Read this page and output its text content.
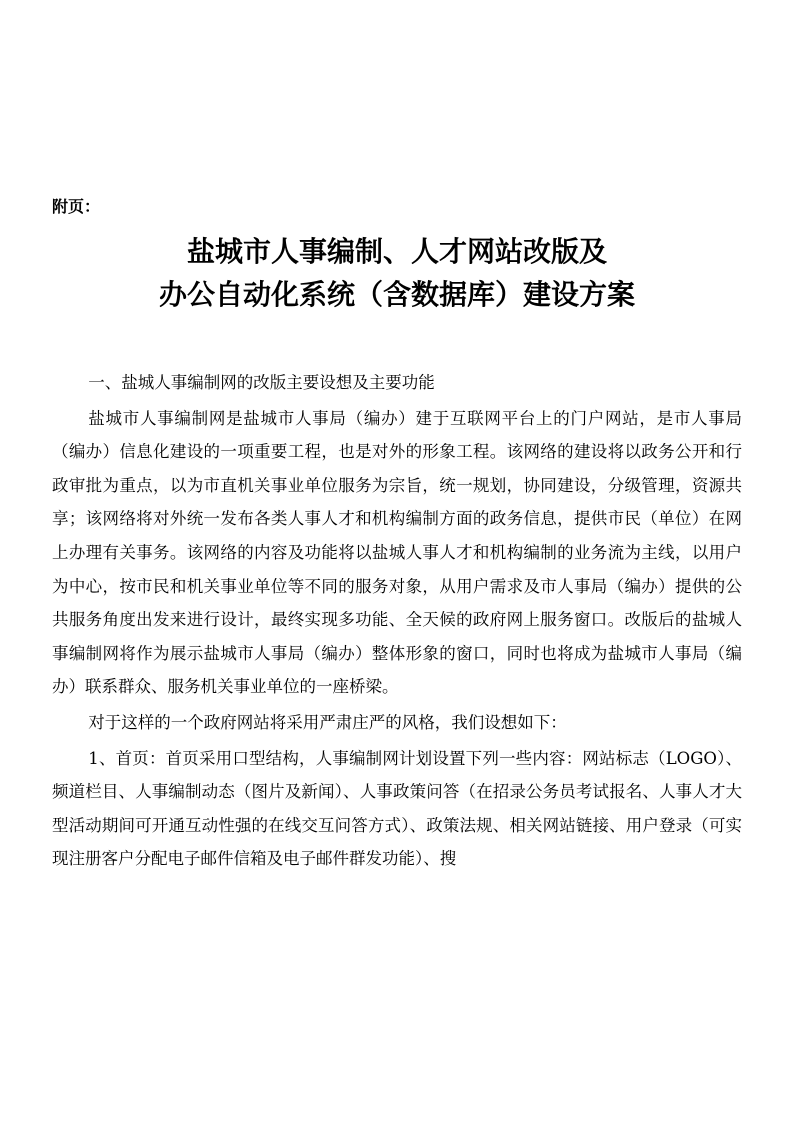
附页：
盐城市人事编制、人才网站改版及
办公自动化系统（含数据库）建设方案

一、盐城人事编制网的改版主要设想及主要功能

盐城市人事编制网是盐城市人事局（编办）建于互联网平台上的门户网站，是市人事局（编办）信息化建设的一项重要工程，也是对外的形象工程。该网络的建设将以政务公开和行政审批为重点，以为市直机关事业单位服务为宗旨，统一规划，协同建设，分级管理，资源共享；该网络将对外统一发布各类人事人才和机构编制方面的政务信息，提供市民（单位）在网上办理有关事务。该网络的内容及功能将以盐城人事人才和机构编制的业务流为主线，以用户为中心，按市民和机关事业单位等不同的服务对象，从用户需求及市人事局（编办）提供的公共服务角度出发来进行设计，最终实现多功能、全天候的政府网上服务窗口。改版后的盐城人事编制网将作为展示盐城市人事局（编办）整体形象的窗口，同时也将成为盐城市人事局（编办）联系群众、服务机关事业单位的一座桥梁。

对于这样的一个政府网站将采用严肃庄严的风格，我们设想如下：

1、首页：首页采用口型结构，人事编制网计划设置下列一些内容：网站标志（LOGO）、频道栏目、人事编制动态（图片及新闻）、人事政策问答（在招录公务员考试报名、人事人才大型活动期间可开通互动性强的在线交互问答方式）、政策法规、相关网站链接、用户登录（可实现注册客户分配电子邮件信箱及电子邮件群发功能）、搜
